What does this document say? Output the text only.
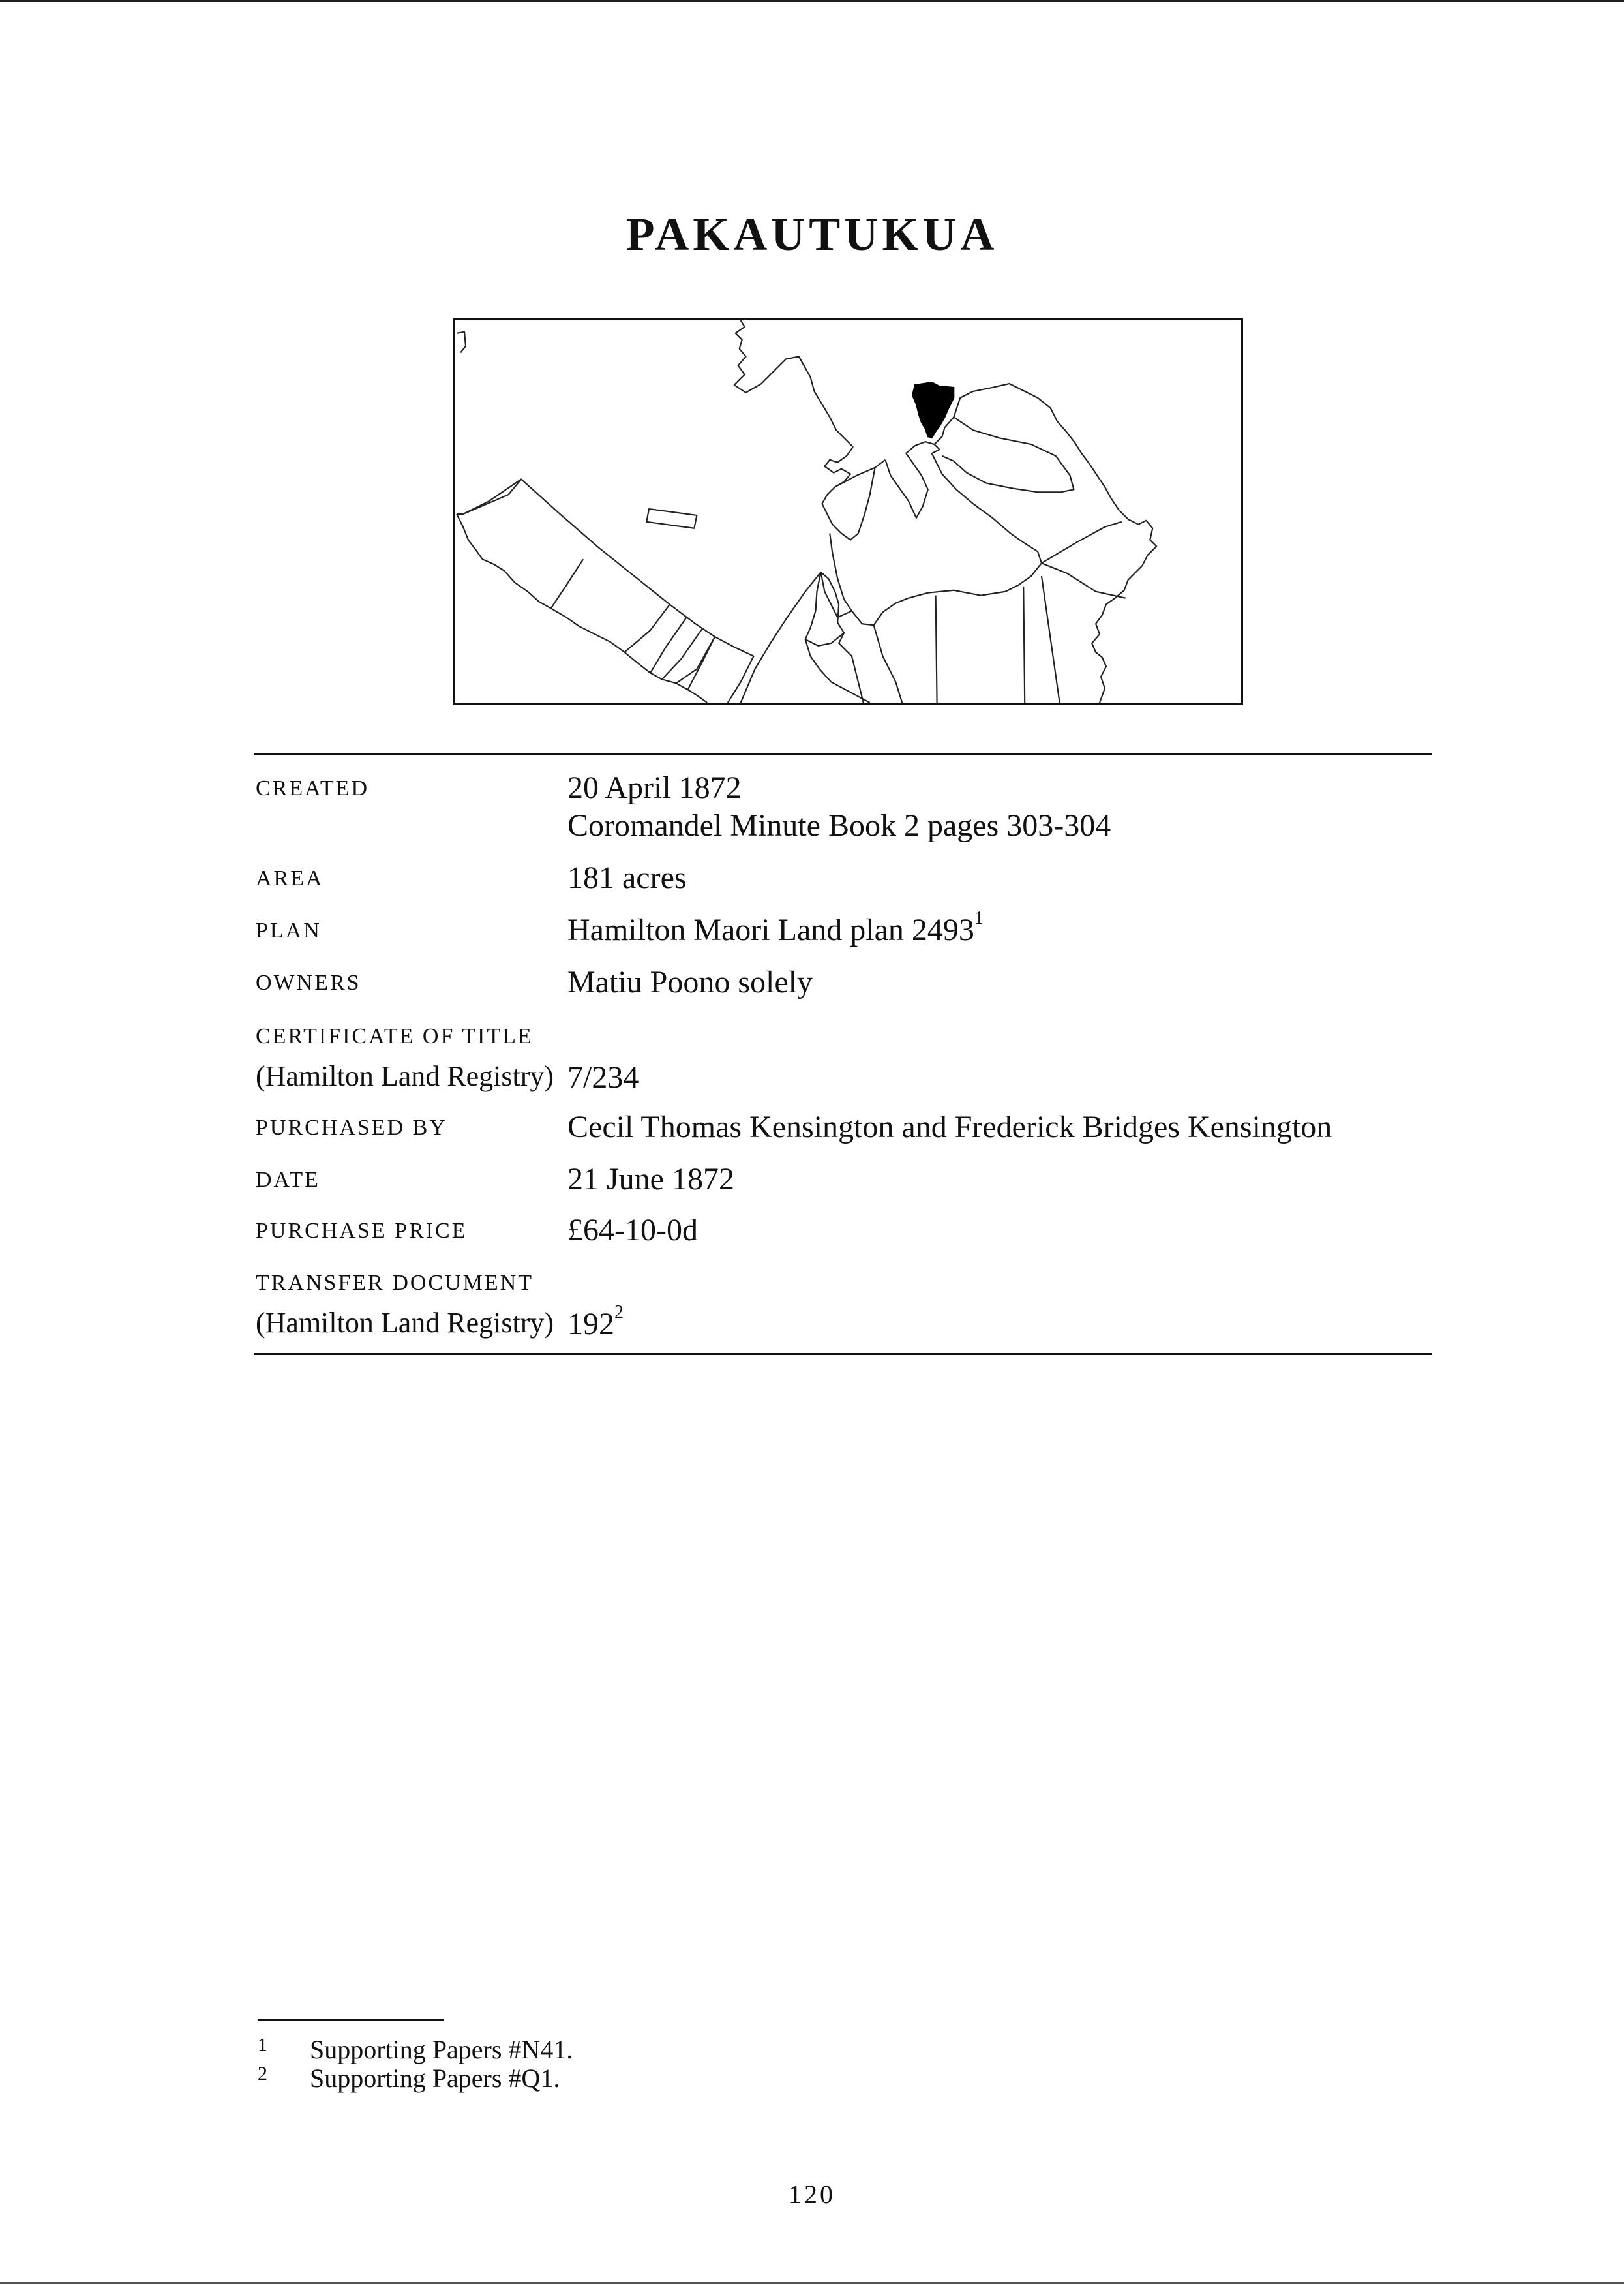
PAKAUTUKUA
CREATED	20 April 1872
Coromandel Minute Book 2 pages 303-304
AREA	181 acres
PLAN	Hamilton Maori Land plan 2493$^1$
OWNERS	Matiu Poono solely
CERTIFICATE OF TITLE
(Hamilton Land Registry) 7/234
PURCHASED BY	Cecil Thomas Kensington and Frederick Bridges Kensington
DATE	21 June 1872
PURCHASE PRICE	£64-10-0d
TRANSFER DOCUMENT
(Hamilton Land Registry) $192^2$
1 Supporting Papers #N41.
2 Supporting Papers #Q1.
120
